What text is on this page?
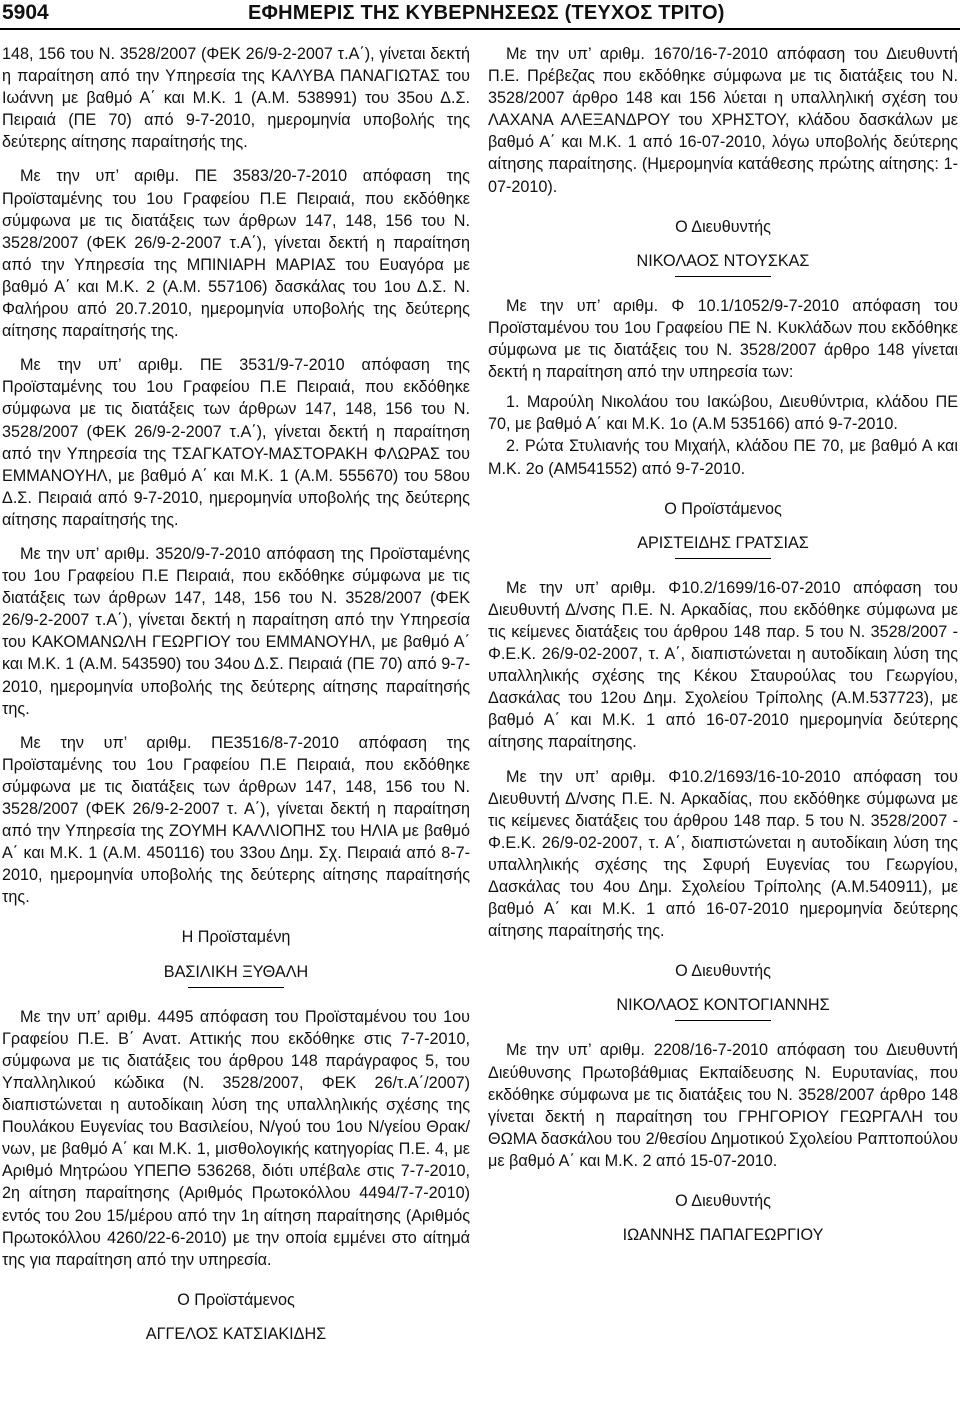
5904	ΕΦΗΜΕΡΙΣ ΤΗΣ ΚΥΒΕΡΝΗΣΕΩΣ (ΤΕΥΧΟΣ ΤΡΙΤΟ)

148, 156 του Ν. 3528/2007 (ΦΕΚ 26/9-2-2007 τ.Α΄), γίνεται δεκτή η παραίτηση από την Υπηρεσία της ΚΑΛΥΒΑ ΠΑΝΑΓΙΩΤΑΣ του Ιωάννη με βαθμό Α΄ και Μ.Κ. 1 (Α.Μ. 538991) του 35ου Δ.Σ. Πειραιά (ΠΕ 70) από 9-7-2010, ημερομηνία υποβολής της δεύτερης αίτησης παραίτησής της.

Με την υπ’ αριθμ. ΠΕ 3583/20-7-2010 απόφαση της Προϊσταμένης του 1ου Γραφείου Π.Ε Πειραιά, που εκδόθηκε σύμφωνα με τις διατάξεις των άρθρων 147, 148, 156 του Ν. 3528/2007 (ΦΕΚ 26/9-2-2007 τ.Α΄), γίνεται δεκτή η παραίτηση από την Υπηρεσία της ΜΠΙΝΙΑΡΗ ΜΑΡΙΑΣ του Ευαγόρα με βαθμό Α΄ και Μ.Κ. 2 (Α.Μ. 557106) δασκάλας του 1ου Δ.Σ. Ν. Φαλήρου από 20.7.2010, ημερομηνία υποβολής της δεύτερης αίτησης παραίτησής της.

Με την υπ’ αριθμ. ΠΕ 3531/9-7-2010 απόφαση της Προϊσταμένης του 1ου Γραφείου Π.Ε Πειραιά, που εκδόθηκε σύμφωνα με τις διατάξεις των άρθρων 147, 148, 156 του Ν. 3528/2007 (ΦΕΚ 26/9-2-2007 τ.Α΄), γίνεται δεκτή η παραίτηση από την Υπηρεσία της ΤΣΑΓΚΑΤΟΥ-ΜΑΣΤΟΡΑΚΗ ΦΛΩΡΑΣ του ΕΜΜΑΝΟΥΗΛ, με βαθμό Α΄ και Μ.Κ. 1 (Α.Μ. 555670) του 58ου Δ.Σ. Πειραιά από 9-7-2010, ημερομηνία υποβολής της δεύτερης αίτησης παραίτησής της.

Με την υπ’ αριθμ. 3520/9-7-2010 απόφαση της Προϊσταμένης του 1ου Γραφείου Π.Ε Πειραιά, που εκδόθηκε σύμφωνα με τις διατάξεις των άρθρων 147, 148, 156 του Ν. 3528/2007 (ΦΕΚ 26/9-2-2007 τ.Α΄), γίνεται δεκτή η παραίτηση από την Υπηρεσία του ΚΑΚΟΜΑΝΩΛΗ ΓΕΩΡΓΙΟΥ του ΕΜΜΑΝΟΥΗΛ, με βαθμό Α΄ και Μ.Κ. 1 (Α.Μ. 543590) του 34ου Δ.Σ. Πειραιά (ΠΕ 70) από 9-7-2010, ημερομηνία υποβολής της δεύτερης αίτησης παραίτησής της.

Με την υπ’ αριθμ. ΠΕ3516/8-7-2010 απόφαση της Προϊσταμένης του 1ου Γραφείου Π.Ε Πειραιά, που εκδόθηκε σύμφωνα με τις διατάξεις των άρθρων 147, 148, 156 του Ν. 3528/2007 (ΦΕΚ 26/9-2-2007 τ. Α΄), γίνεται δεκτή η παραίτηση από την Υπηρεσία της ΖΟΥΜΗ ΚΑΛΛΙΟΠΗΣ του ΗΛΙΑ με βαθμό Α΄ και Μ.Κ. 1 (Α.Μ. 450116) του 33ου Δημ. Σχ. Πειραιά από 8-7-2010, ημερομηνία υποβολής της δεύτερης αίτησης παραίτησής της.

Η Προϊσταμένη
ΒΑΣΙΛΙΚΗ ΞΥΘΑΛΗ

Με την υπ’ αριθμ. 4495 απόφαση του Προϊσταμένου του 1ου Γραφείου Π.Ε. Β΄ Ανατ. Αττικής που εκδόθηκε στις 7-7-2010, σύμφωνα με τις διατάξεις του άρθρου 148 παράγραφος 5, του Υπαλληλικού κώδικα (Ν. 3528/2007, ΦΕΚ 26/τ.Α΄/2007) διαπιστώνεται η αυτοδίκαιη λύση της υπαλληλικής σχέσης της Πουλάκου Ευγενίας του Βασιλείου, Ν/γού του 1ου Ν/γείου Θρακ/νων, με βαθμό Α΄ και Μ.Κ. 1, μισθολογικής κατηγορίας Π.Ε. 4, με Αριθμό Μητρώου ΥΠΕΠΘ 536268, διότι υπέβαλε στις 7-7-2010, 2η αίτηση παραίτησης (Αριθμός Πρωτοκόλλου 4494/7-7-2010) εντός του 2ου 15/μέρου από την 1η αίτηση παραίτησης (Αριθμός Πρωτοκόλλου 4260/22-6-2010) με την οποία εμμένει στο αίτημά της για παραίτηση από την υπηρεσία.

Ο Προϊστάμενος
ΑΓΓΕΛΟΣ ΚΑΤΣΙΑΚΙΔΗΣ

Με την υπ’ αριθμ. 1670/16-7-2010 απόφαση του Διευθυντή Π.Ε. Πρέβεζας που εκδόθηκε σύμφωνα με τις διατάξεις του Ν. 3528/2007 άρθρο 148 και 156 λύεται η υπαλληλική σχέση του ΛΑΧΑΝΑ ΑΛΕΞΑΝΔΡΟΥ του ΧΡΗΣΤΟΥ, κλάδου δασκάλων με βαθμό Α΄ και Μ.Κ. 1 από 16-07-2010, λόγω υποβολής δεύτερης αίτησης παραίτησης. (Ημερομηνία κατάθεσης πρώτης αίτησης: 1-07-2010).

Ο Διευθυντής
ΝΙΚΟΛΑΟΣ ΝΤΟΥΣΚΑΣ

Με την υπ’ αριθμ. Φ 10.1/1052/9-7-2010 απόφαση του Προϊσταμένου του 1ου Γραφείου ΠΕ Ν. Κυκλάδων που εκδόθηκε σύμφωνα με τις διατάξεις του Ν. 3528/2007 άρθρο 148 γίνεται δεκτή η παραίτηση από την υπηρεσία των:

1. Μαρούλη Νικολάου του Ιακώβου, Διευθύντρια, κλάδου ΠΕ 70, με βαθμό Α΄ και Μ.Κ. 1ο (Α.Μ 535166) από 9-7-2010.

2. Ρώτα Στυλιανής του Μιχαήλ, κλάδου ΠΕ 70, με βαθμό Α και Μ.Κ. 2ο (ΑΜ541552) από 9-7-2010.

Ο Προϊστάμενος
ΑΡΙΣΤΕΙΔΗΣ ΓΡΑΤΣΙΑΣ

Με την υπ’ αριθμ. Φ10.2/1699/16-07-2010 απόφαση του Διευθυντή Δ/νσης Π.Ε. Ν. Αρκαδίας, που εκδόθηκε σύμφωνα με τις κείμενες διατάξεις του άρθρου 148 παρ. 5 του Ν. 3528/2007 - Φ.Ε.Κ. 26/9-02-2007, τ. Α΄, διαπιστώνεται η αυτοδίκαιη λύση της υπαλληλικής σχέσης της Κέκου Σταυρούλας του Γεωργίου, Δασκάλας του 12ου Δημ. Σχολείου Τρίπολης (Α.Μ.537723), με βαθμό Α΄ και Μ.Κ. 1 από 16-07-2010 ημερομηνία δεύτερης αίτησης παραίτησης.

Με την υπ’ αριθμ. Φ10.2/1693/16-10-2010 απόφαση του Διευθυντή Δ/νσης Π.Ε. Ν. Αρκαδίας, που εκδόθηκε σύμφωνα με τις κείμενες διατάξεις του άρθρου 148 παρ. 5 του Ν. 3528/2007 - Φ.Ε.Κ. 26/9-02-2007, τ. Α΄, διαπιστώνεται η αυτοδίκαιη λύση της υπαλληλικής σχέσης της Σφυρή Ευγενίας του Γεωργίου, Δασκάλας του 4ου Δημ. Σχολείου Τρίπολης (Α.Μ.540911), με βαθμό Α΄ και Μ.Κ. 1 από 16-07-2010 ημερομηνία δεύτερης αίτησης παραίτησής της.

Ο Διευθυντής
ΝΙΚΟΛΑΟΣ ΚΟΝΤΟΓΙΑΝΝΗΣ

Με την υπ’ αριθμ. 2208/16-7-2010 απόφαση του Διευθυντή Διεύθυνσης Πρωτοβάθμιας Εκπαίδευσης Ν. Ευρυτανίας, που εκδόθηκε σύμφωνα με τις διατάξεις του Ν. 3528/2007 άρθρο 148 γίνεται δεκτή η παραίτηση του ΓΡΗΓΟΡΙΟΥ ΓΕΩΡΓΑΛΗ του ΘΩΜΑ δασκάλου του 2/θεσίου Δημοτικού Σχολείου Ραπτοπούλου με βαθμό Α΄ και Μ.Κ. 2 από 15-07-2010.

Ο Διευθυντής
ΙΩΑΝΝΗΣ ΠΑΠΑΓΕΩΡΓΙΟΥ
